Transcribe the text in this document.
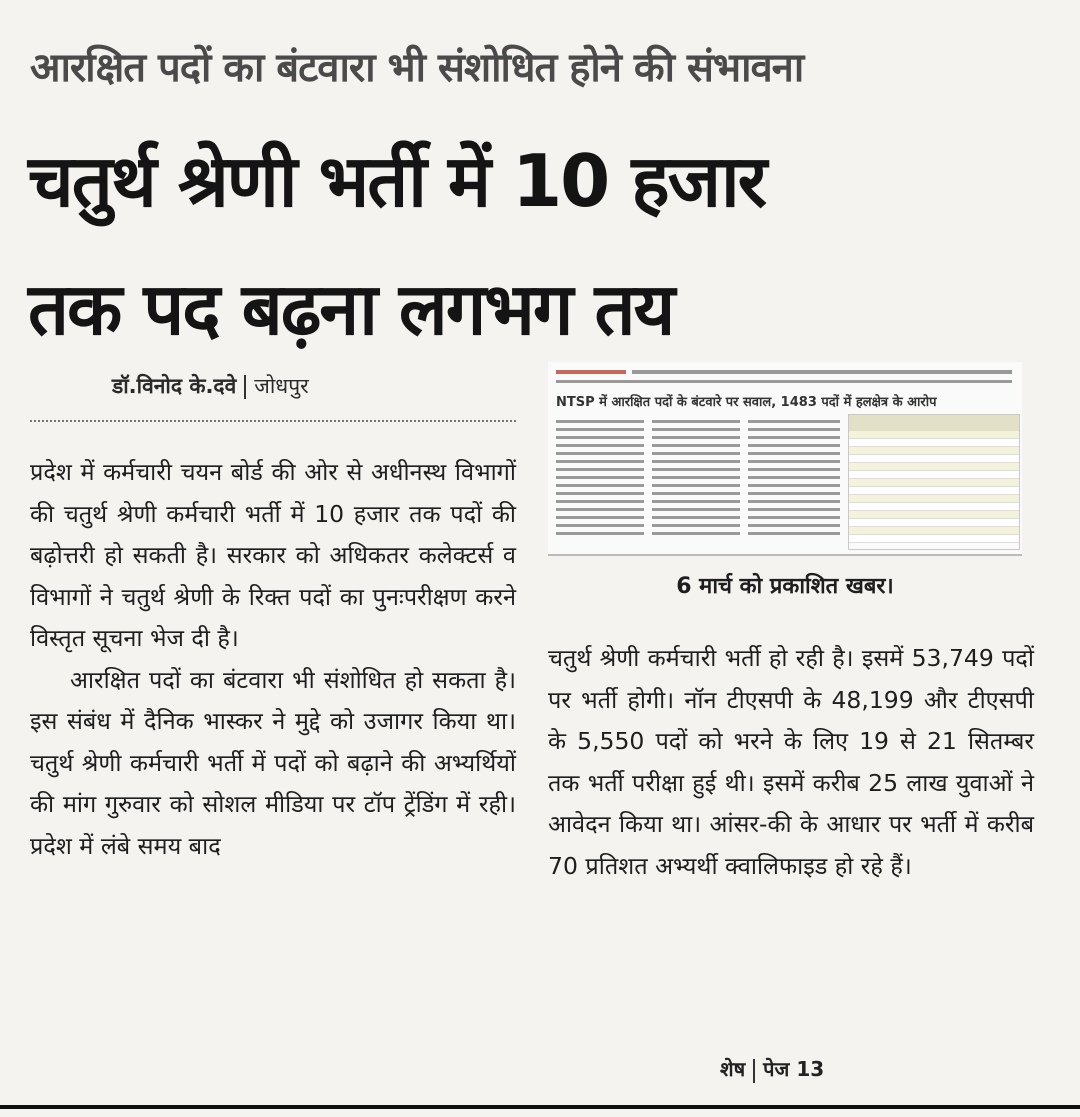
आरक्षित पदों का बंटवारा भी संशोधित होने की संभावना
चतुर्थ श्रेणी भर्ती में 10 हजार
तक पद बढ़ना लगभग तय
डॉ.विनोद के.दवे जोधपुर

प्रदेश में कर्मचारी चयन बोर्ड की ओर से अधीनस्थ विभागों की चतुर्थ श्रेणी कर्मचारी भर्ती में 10 हजार तक पदों की बढ़ोत्तरी हो सकती है। सरकार को अधिकतर कलेक्टर्स व विभागों ने चतुर्थ श्रेणी के रिक्त पदों का पुनःपरीक्षण करने विस्तृत सूचना भेज दी है।

आरक्षित पदों का बंटवारा भी संशोधित हो सकता है। इस संबंध में दैनिक भास्कर ने मुद्दे को उजागर किया था। चतुर्थ श्रेणी कर्मचारी भर्ती में पदों को बढ़ाने की अभ्यर्थियों की मांग गुरुवार को सोशल मीडिया पर टॉप ट्रेंडिंग में रही। प्रदेश में लंबे समय बाद

NTSP में आरक्षित पदों के बंटवारे पर सवाल, 1483 पदों में हलक्षेत्र के आरोप
6 मार्च को प्रकाशित खबर।

चतुर्थ श्रेणी कर्मचारी भर्ती हो रही है। इसमें 53,749 पदों पर भर्ती होगी। नॉन टीएसपी के 48,199 और टीएसपी के 5,550 पदों को भरने के लिए 19 से 21 सितम्बर तक भर्ती परीक्षा हुई थी। इसमें करीब 25 लाख युवाओं ने आवेदन किया था। आंसर-की के आधार पर भर्ती में करीब 70 प्रतिशत अभ्यर्थी क्वालिफाइड हो रहे हैं।

शेष पेज 13
